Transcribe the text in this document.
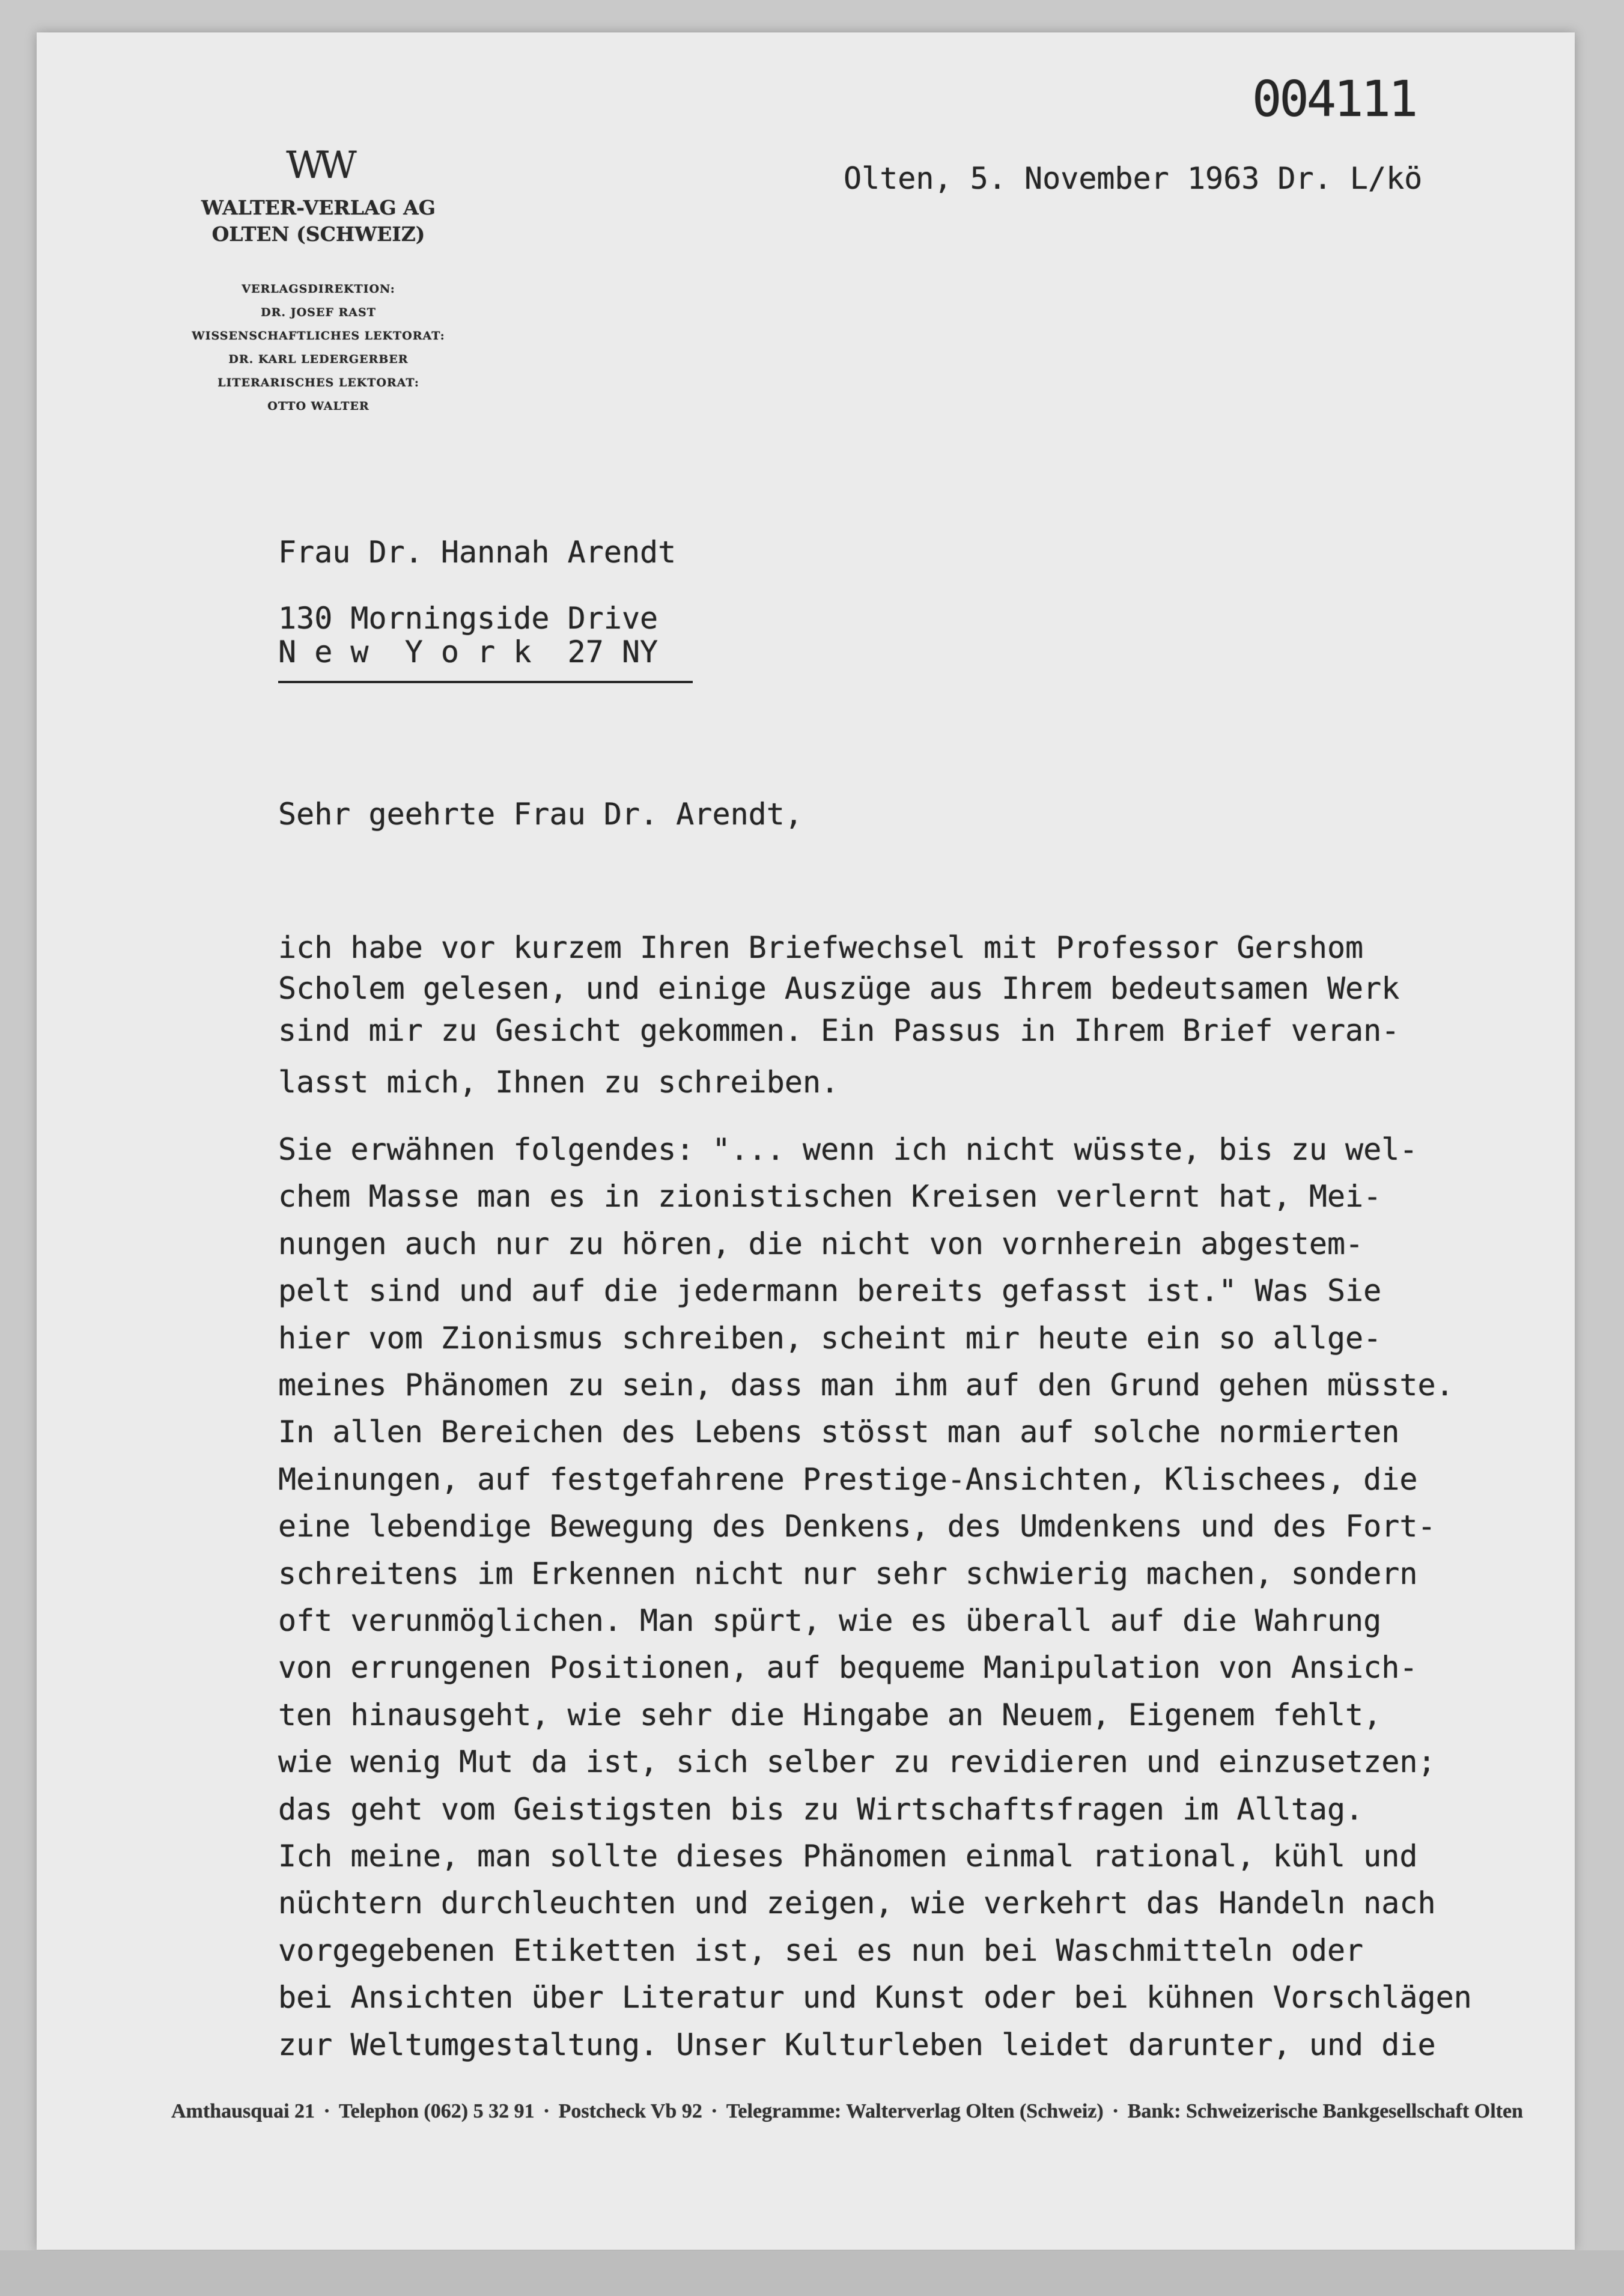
004111
WW
WALTER-VERLAG AG
OLTEN (SCHWEIZ)
VERLAGSDIREKTION:
DR. JOSEF RAST
WISSENSCHAFTLICHES LEKTORAT:
DR. KARL LEDERGERBER
LITERARISCHES LEKTORAT:
OTTO WALTER
Olten, 5. November 1963 Dr. L/kö
Frau Dr. Hannah Arendt
130 Morningside Drive
N e w  Y o r k  27 NY
Sehr geehrte Frau Dr. Arendt,
ich habe vor kurzem Ihren Briefwechsel mit Professor Gershom
Scholem gelesen, und einige Auszüge aus Ihrem bedeutsamen Werk
sind mir zu Gesicht gekommen. Ein Passus in Ihrem Brief veran-
lasst mich, Ihnen zu schreiben.
Sie erwähnen folgendes: "... wenn ich nicht wüsste, bis zu wel-
chem Masse man es in zionistischen Kreisen verlernt hat, Mei-
nungen auch nur zu hören, die nicht von vornherein abgestem-
pelt sind und auf die jedermann bereits gefasst ist." Was Sie
hier vom Zionismus schreiben, scheint mir heute ein so allge-
meines Phänomen zu sein, dass man ihm auf den Grund gehen müsste.
In allen Bereichen des Lebens stösst man auf solche normierten
Meinungen, auf festgefahrene Prestige-Ansichten, Klischees, die
eine lebendige Bewegung des Denkens, des Umdenkens und des Fort-
schreitens im Erkennen nicht nur sehr schwierig machen, sondern
oft verunmöglichen. Man spürt, wie es überall auf die Wahrung
von errungenen Positionen, auf bequeme Manipulation von Ansich-
ten hinausgeht, wie sehr die Hingabe an Neuem, Eigenem fehlt,
wie wenig Mut da ist, sich selber zu revidieren und einzusetzen;
das geht vom Geistigsten bis zu Wirtschaftsfragen im Alltag.
Ich meine, man sollte dieses Phänomen einmal rational, kühl und
nüchtern durchleuchten und zeigen, wie verkehrt das Handeln nach
vorgegebenen Etiketten ist, sei es nun bei Waschmitteln oder
bei Ansichten über Literatur und Kunst oder bei kühnen Vorschlägen
zur Weltumgestaltung. Unser Kulturleben leidet darunter, und die
Amthausquai 21 · Telephon (062) 5 32 91 · Postcheck Vb 92 · Telegramme: Walterverlag Olten (Schweiz) · Bank: Schweizerische Bankgesellschaft Olten
